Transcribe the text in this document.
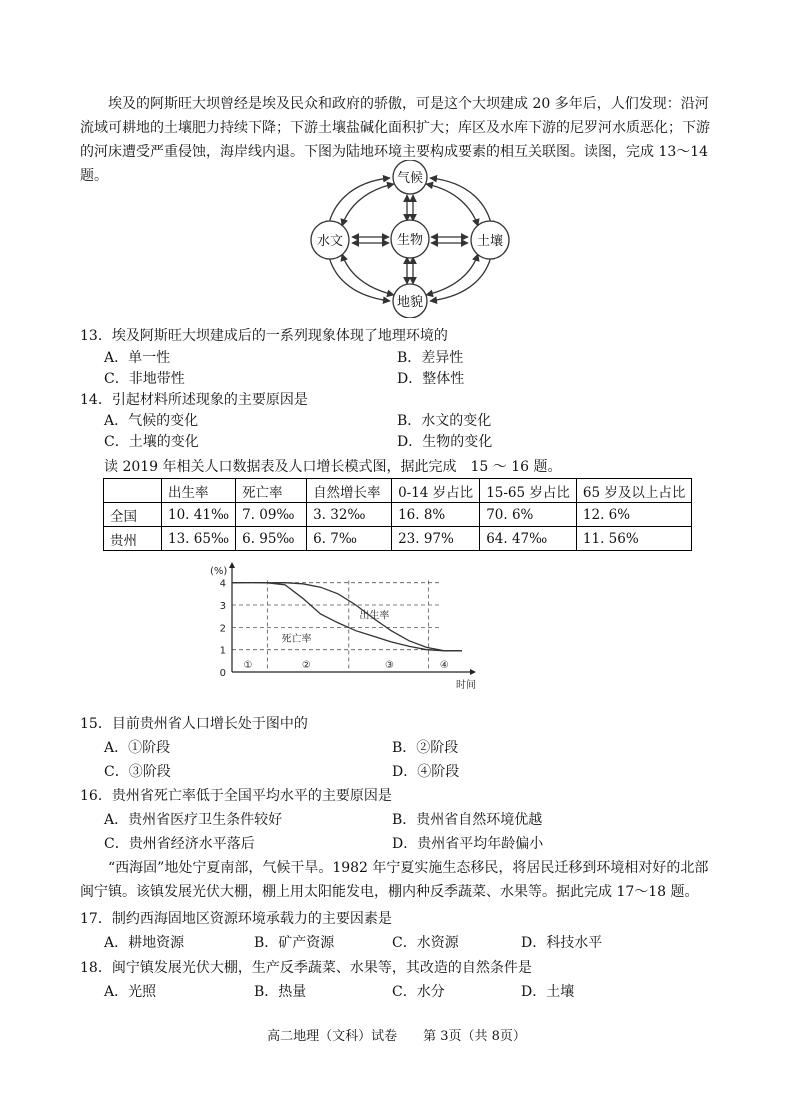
埃及的阿斯旺大坝曾经是埃及民众和政府的骄傲，可是这个大坝建成 20 多年后，人们发现：沿河流域可耕地的土壤肥力持续下降；下游土壤盐碱化面积扩大；库区及水库下游的尼罗河水质恶化；下游的河床遭受严重侵蚀，海岸线内退。下图为陆地环境主要构成要素的相互关联图。读图，完成 13～14 题。	气候
水文	生物	土壤
地貌
13．埃及阿斯旺大坝建成后的一系列现象体现了地理环境的
A．单一性	B．差异性
C．非地带性	D．整体性
14．引起材料所述现象的主要原因是
A．气候的变化	B．水文的变化
C．土壤的变化	D．生物的变化
读 2019 年相关人口数据表及人口增长模式图，据此完成　15 ～ 16 题。
	出生率	死亡率	自然增长率	0-14 岁占比	15-65 岁占比	65 岁及以上占比
全国	10. 41‰	7. 09‰	3. 32‰	16. 8%	70. 6%	12. 6%
贵州	13. 65‰	6. 95‰	6. 7‰	23. 97%	64. 47‰	11. 56%
0
1
2
3
4
(%)
时间
出生率
死亡率
①	②	③	④
15．目前贵州省人口增长处于图中的
A．①阶段	B．②阶段
C．③阶段	D．④阶段
16．贵州省死亡率低于全国平均水平的主要原因是
A．贵州省医疗卫生条件较好	B．贵州省自然环境优越
C．贵州省经济水平落后	D．贵州省平均年龄偏小
“西海固”地处宁夏南部，气候干旱。1982 年宁夏实施生态移民，将居民迁移到环境相对好的北部闽宁镇。该镇发展光伏大棚，棚上用太阳能发电，棚内种反季蔬菜、水果等。据此完成 17～18 题。
17．制约西海固地区资源环境承载力的主要因素是
A．耕地资源	B．矿产资源	C．水资源	D．科技水平
18．闽宁镇发展光伏大棚，生产反季蔬菜、水果等，其改造的自然条件是
A．光照	B．热量	C．水分	D．土壤
高二地理（文科）试卷　　第 3页（共 8页）
